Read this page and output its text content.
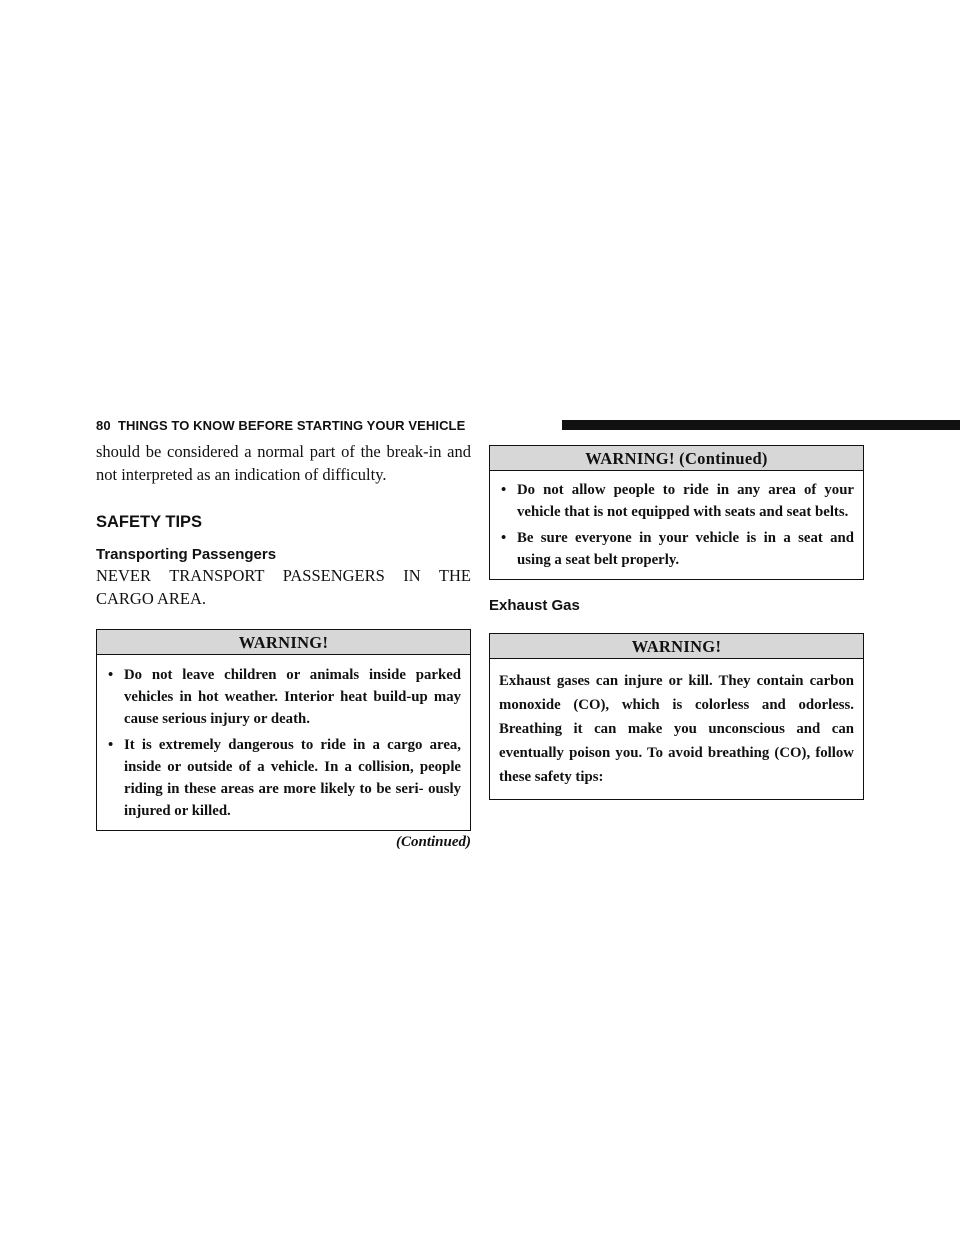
80 THINGS TO KNOW BEFORE STARTING YOUR VEHICLE

should be considered a normal part of the break-in and not interpreted as an indication of difficulty.

SAFETY TIPS
Transporting Passengers

NEVER TRANSPORT PASSENGERS IN THE CARGO AREA.

WARNING!
• Do not leave children or animals inside parked vehicles in hot weather. Interior heat build-up may cause serious injury or death.
• It is extremely dangerous to ride in a cargo area, inside or outside of a vehicle. In a collision, people riding in these areas are more likely to be seri- ously injured or killed.
(Continued)
WARNING! (Continued)
• Do not allow people to ride in any area of your vehicle that is not equipped with seats and seat belts.
• Be sure everyone in your vehicle is in a seat and using a seat belt properly.
Exhaust Gas
WARNING!
Exhaust gases can injure or kill. They contain carbon monoxide (CO), which is colorless and odorless. Breathing it can make you unconscious and can eventually poison you. To avoid breathing (CO), follow these safety tips:
